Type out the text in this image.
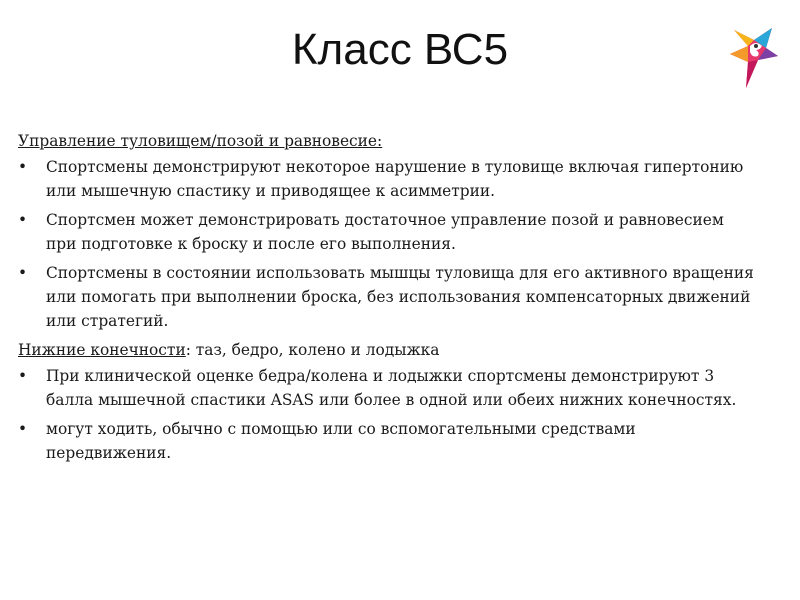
Класс ВС5
Управление туловищем/позой и равновесие:
• Спортсмены демонстрируют некоторое нарушение в туловище включая гипертонию или мышечную спастику и приводящее к асимметрии.
• Спортсмен может демонстрировать достаточное управление позой и равновесием при подготовке к броску и после его выполнения.
• Спортсмены в состоянии использовать мышцы туловища для его активного вращения или помогать при выполнении броска, без использования компенсаторных движений или стратегий.
Нижние конечности: таз, бедро, колено и лодыжка
• При клинической оценке бедра/колена и лодыжки спортсмены демонстрируют 3 балла мышечной спастики ASAS или более в одной или обеих нижних конечностях.
• могут ходить, обычно с помощью или со вспомогательными средствами передвижения.
